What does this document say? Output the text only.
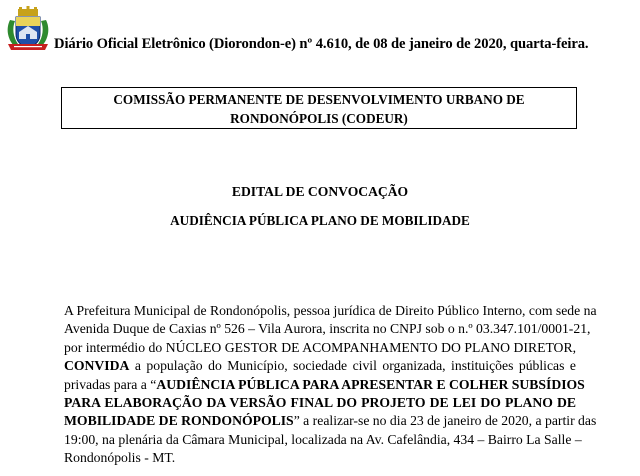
Diário Oficial Eletrônico (Diorondon-e) nº 4.610, de 08 de janeiro de 2020, quarta-feira.
COMISSÃO PERMANENTE DE DESENVOLVIMENTO URBANO DE
RONDONÓPOLIS (CODEUR)
EDITAL DE CONVOCAÇÃO
AUDIÊNCIA PÚBLICA PLANO DE MOBILIDADE
A Prefeitura Municipal de Rondonópolis, pessoa jurídica de Direito Público Interno, com sede na
Avenida Duque de Caxias nº 526 – Vila Aurora, inscrita no CNPJ sob o n.º 03.347.101/0001-21,
por intermédio do NÚCLEO GESTOR DE ACOMPANHAMENTO DO PLANO DIRETOR,
CONVIDA a população do Município, sociedade civil organizada, instituições públicas e
privadas para a “AUDIÊNCIA PÚBLICA PARA APRESENTAR E COLHER SUBSÍDIOS
PARA ELABORAÇÃO DA VERSÃO FINAL DO PROJETO DE LEI DO PLANO DE
MOBILIDADE DE RONDONÓPOLIS” a realizar-se no dia 23 de janeiro de 2020, a partir das
19:00, na plenária da Câmara Municipal, localizada na Av. Cafelândia, 434 – Bairro La Salle –
Rondonópolis - MT.
